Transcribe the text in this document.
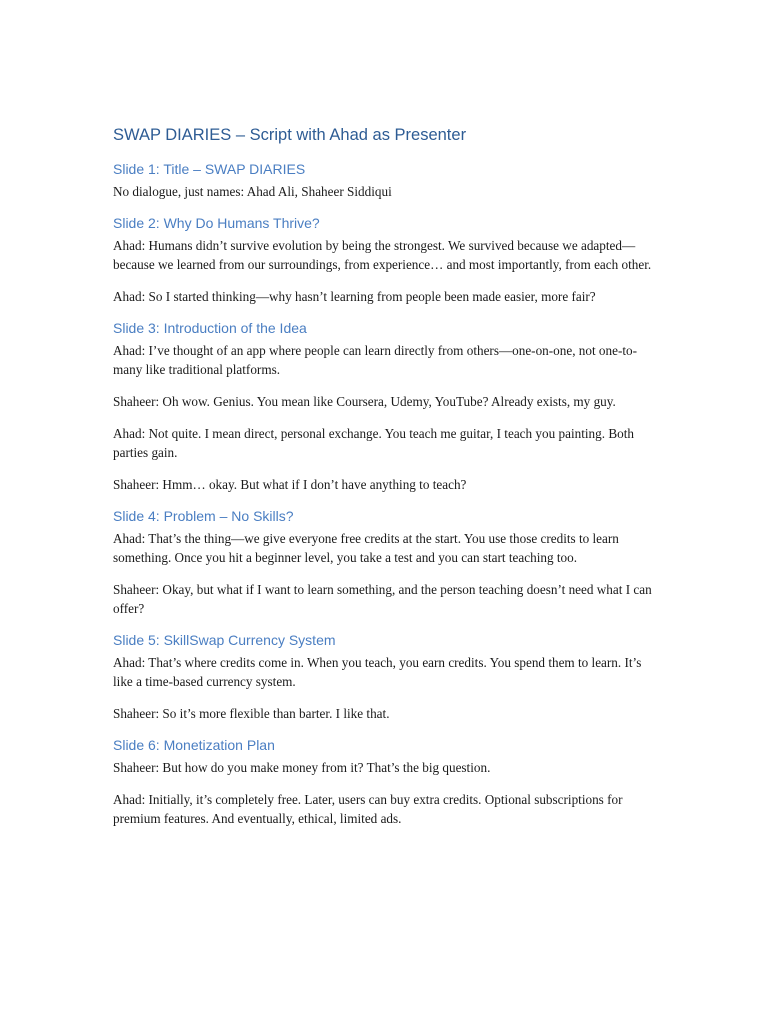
SWAP DIARIES – Script with Ahad as Presenter
Slide 1: Title – SWAP DIARIES

No dialogue, just names: Ahad Ali, Shaheer Siddiqui

Slide 2: Why Do Humans Thrive?

Ahad: Humans didn’t survive evolution by being the strongest. We survived because we adapted—because we learned from our surroundings, from experience… and most importantly, from each other.

Ahad: So I started thinking—why hasn’t learning from people been made easier, more fair?

Slide 3: Introduction of the Idea

Ahad: I’ve thought of an app where people can learn directly from others—one-on-one, not one-to-many like traditional platforms.

Shaheer: Oh wow. Genius. You mean like Coursera, Udemy, YouTube? Already exists, my guy.

Ahad: Not quite. I mean direct, personal exchange. You teach me guitar, I teach you painting. Both parties gain.

Shaheer: Hmm… okay. But what if I don’t have anything to teach?

Slide 4: Problem – No Skills?

Ahad: That’s the thing—we give everyone free credits at the start. You use those credits to learn something. Once you hit a beginner level, you take a test and you can start teaching too.

Shaheer: Okay, but what if I want to learn something, and the person teaching doesn’t need what I can offer?

Slide 5: SkillSwap Currency System

Ahad: That’s where credits come in. When you teach, you earn credits. You spend them to learn. It’s like a time-based currency system.

Shaheer: So it’s more flexible than barter. I like that.

Slide 6: Monetization Plan

Shaheer: But how do you make money from it? That’s the big question.

Ahad: Initially, it’s completely free. Later, users can buy extra credits. Optional subscriptions for premium features. And eventually, ethical, limited ads.
